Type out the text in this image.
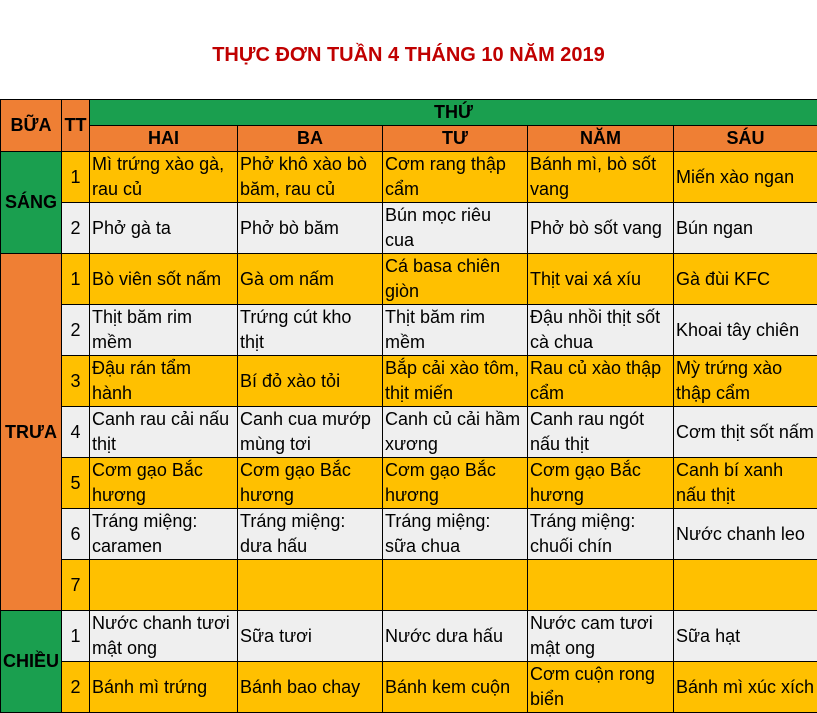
THỰC ĐƠN TUẦN 4 THÁNG 10 NĂM 2019
BỮA	TT	THỨ				
		HAI	BA	TƯ	NĂM	SÁU
SÁNG	1	Mì trứng xào gà, rau củ	Phở khô xào bò băm, rau củ	Cơm rang thập cẩm	Bánh mì, bò sốt vang	Miến xào ngan
	2	Phở gà ta	Phở bò băm	Bún mọc riêu cua	Phở bò sốt vang	Bún ngan
TRƯA	1	Bò viên sốt nấm	Gà om nấm	Cá basa chiên giòn	Thịt vai xá xíu	Gà đùi KFC
	2	Thịt băm rim mềm	Trứng cút kho thịt	Thịt băm rim mềm	Đậu nhồi thịt sốt cà chua	Khoai tây chiên
	3	Đậu rán tẩm hành	Bí đỏ xào tỏi	Bắp cải xào tôm, thịt miến	Rau củ xào thập cẩm	Mỳ trứng xào thập cẩm
	4	Canh rau cải nấu thịt	Canh cua mướp mùng tơi	Canh củ cải hầm xương	Canh rau ngót nấu thịt	Cơm thịt sốt nấm
	5	Cơm gạo Bắc hương	Cơm gạo Bắc hương	Cơm gạo Bắc hương	Cơm gạo Bắc hương	Canh bí xanh nấu thịt
	6	Tráng miệng: caramen	Tráng miệng: dưa hấu	Tráng miệng: sữa chua	Tráng miệng: chuối chín	Nước chanh leo
	7					
CHIỀU	1	Nước chanh tươi mật ong	Sữa tươi	Nước dưa hấu	Nước cam tươi mật ong	Sữa hạt
	2	Bánh mì trứng	Bánh bao chay	Bánh kem cuộn	Cơm cuộn rong biển	Bánh mì xúc xích
